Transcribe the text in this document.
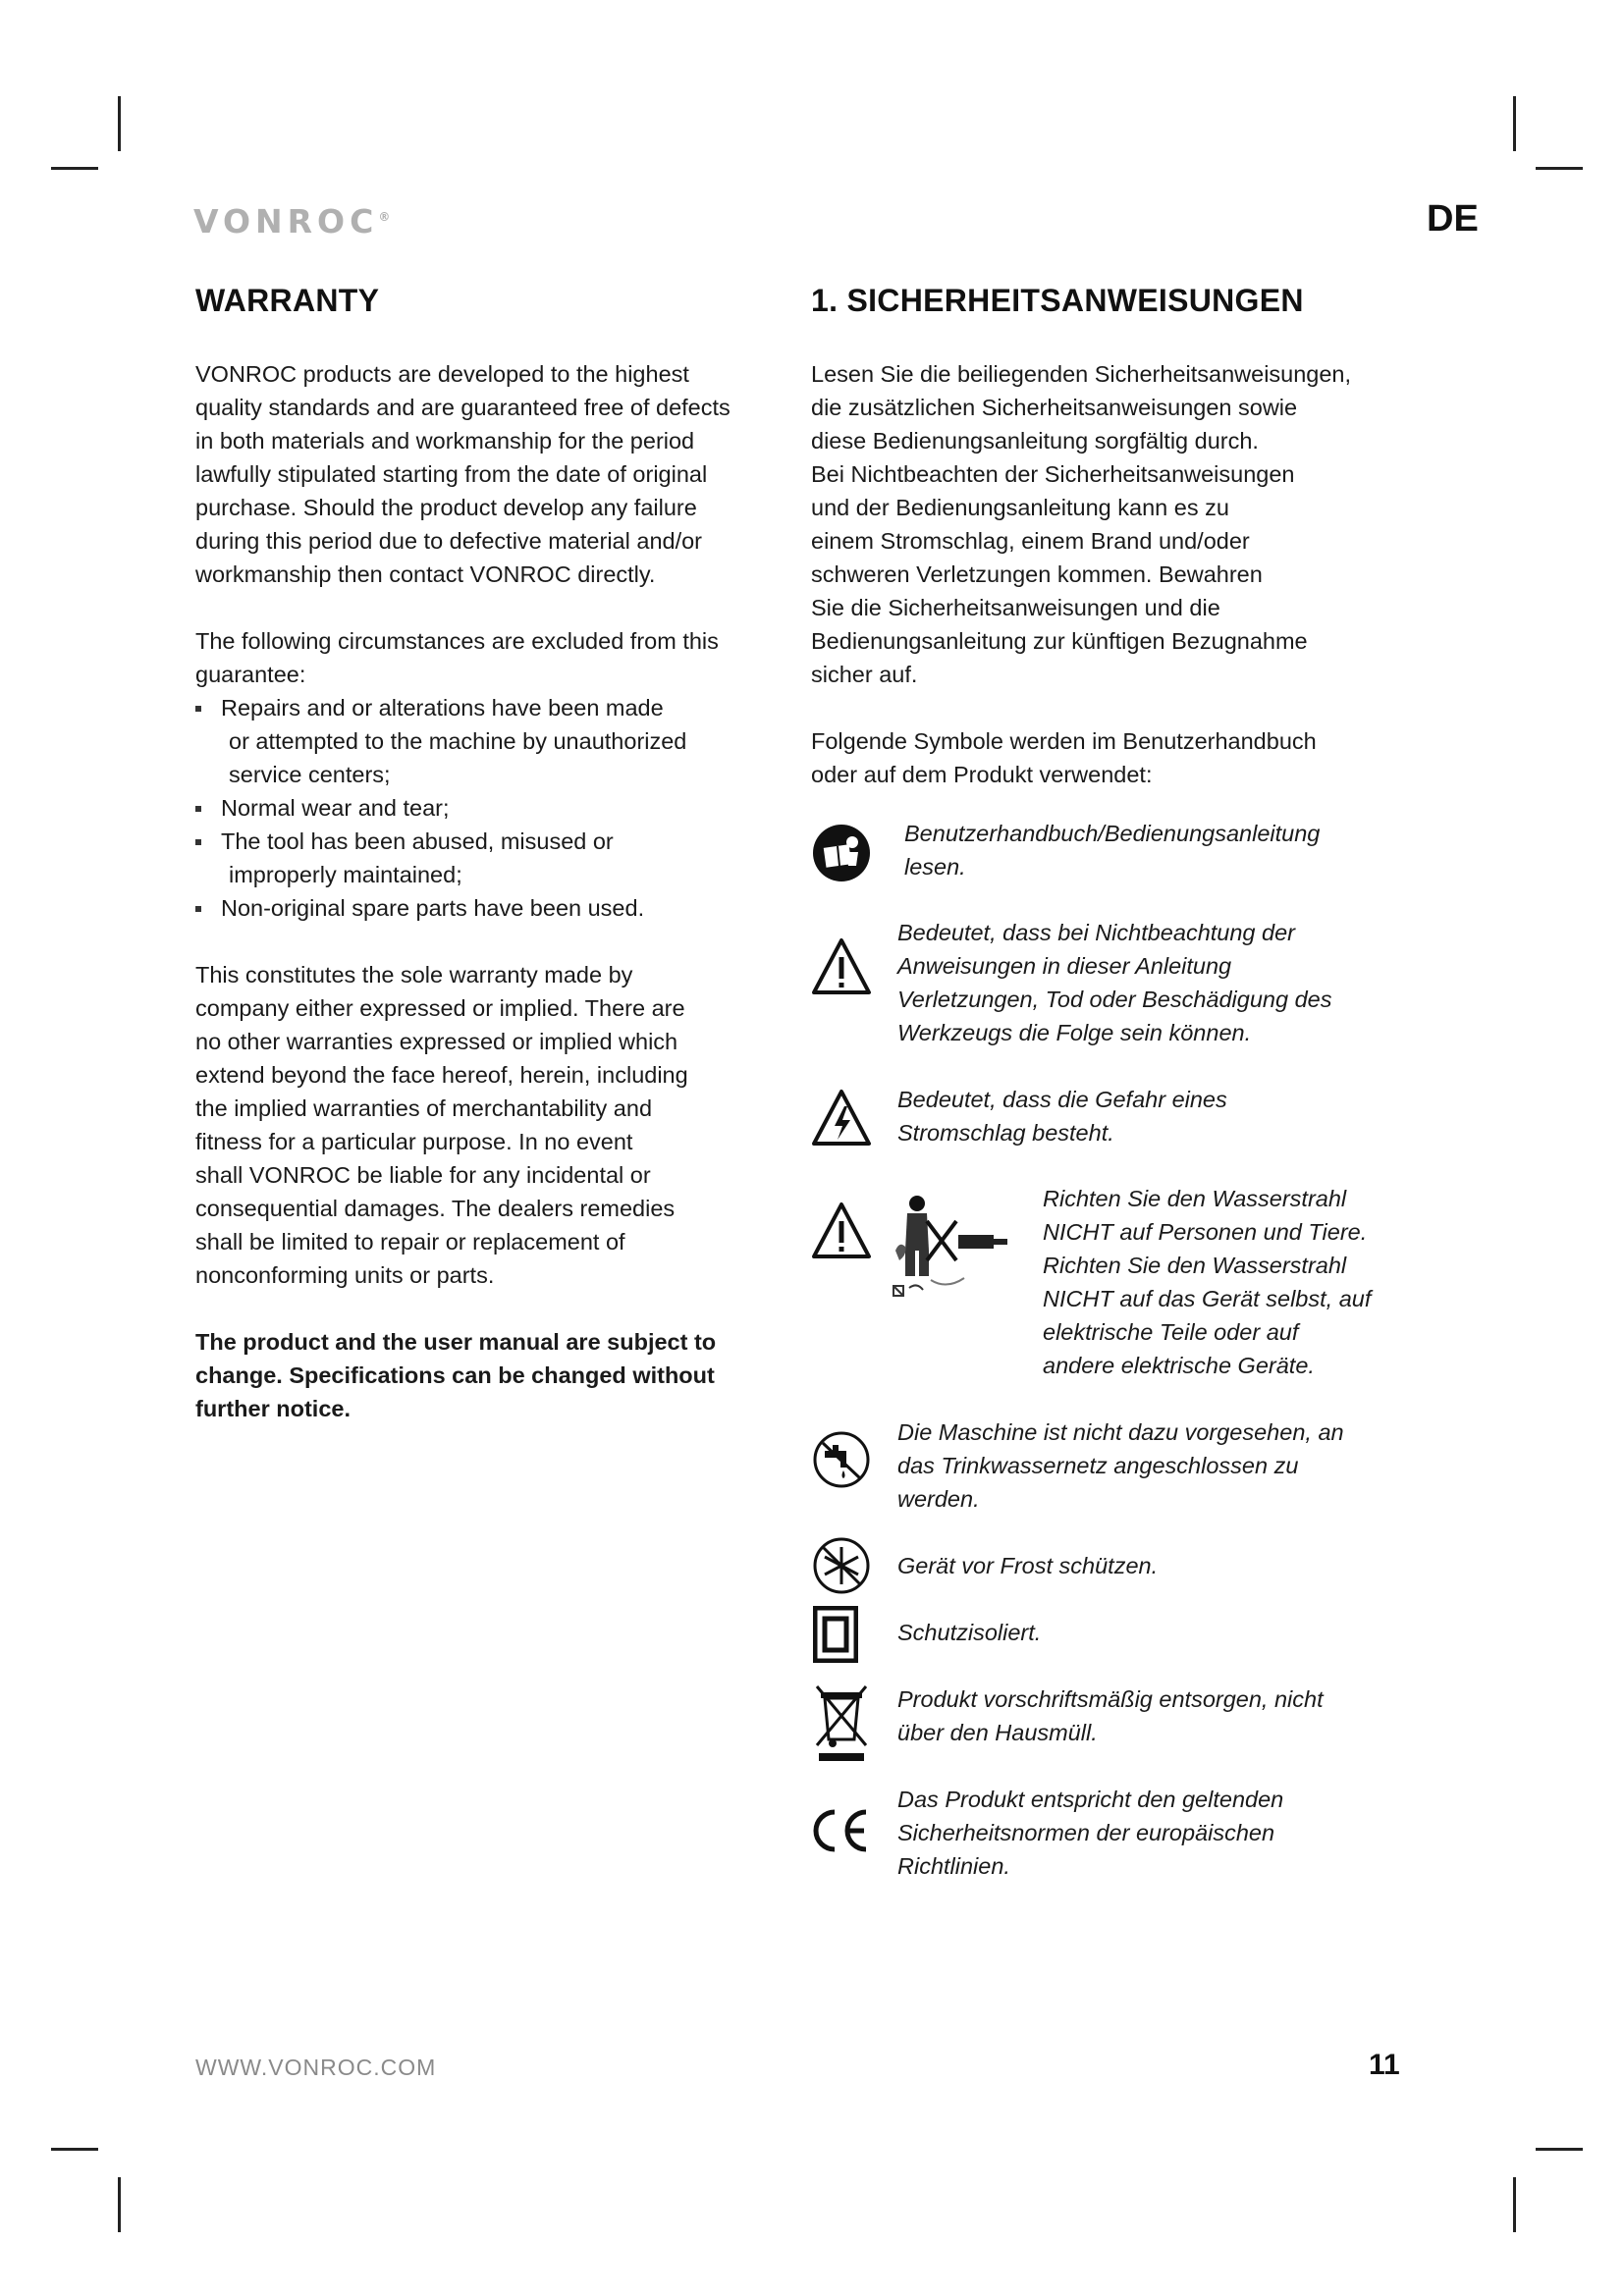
VONROC®	DE
WARRANTY

VONROC products are developed to the highest
quality standards and are guaranteed free of defects
in both materials and workmanship for the period
lawfully stipulated starting from the date of original
purchase. Should the product develop any failure
during this period due to defective material and/or
workmanship then contact VONROC directly.

The following circumstances are excluded from this
guarantee:

Repairs and or alterations have been made
or attempted to the machine by unauthorized
service centers;
Normal wear and tear;
The tool has been abused, misused or
improperly maintained;
Non-original spare parts have been used.

This constitutes the sole warranty made by
company either expressed or implied. There are
no other warranties expressed or implied which
extend beyond the face hereof, herein, including
the implied warranties of merchantability and
fitness for a particular purpose. In no event
shall VONROC be liable for any incidental or
consequential damages. The dealers remedies
shall be limited to repair or replacement of
nonconforming units or parts.

The product and the user manual are subject to
change. Specifications can be changed without
further notice.

1. SICHERHEITSANWEISUNGEN

Lesen Sie die beiliegenden Sicherheitsanweisungen,
die zusätzlichen Sicherheitsanweisungen sowie
diese Bedienungsanleitung sorgfältig durch.
Bei Nichtbeachten der Sicherheitsanweisungen
und der Bedienungsanleitung kann es zu
einem Stromschlag, einem Brand und/oder
schweren Verletzungen kommen. Bewahren
Sie die Sicherheitsanweisungen und die
Bedienungsanleitung zur künftigen Bezugnahme
sicher auf.

Folgende Symbole werden im Benutzerhandbuch
oder auf dem Produkt verwendet:

Benutzerhandbuch/Bedienungsanleitung
lesen.
Bedeutet, dass bei Nichtbeachtung der
Anweisungen in dieser Anleitung
Verletzungen, Tod oder Beschädigung des
Werkzeugs die Folge sein können.
Bedeutet, dass die Gefahr eines
Stromschlag besteht.
Richten Sie den Wasserstrahl
NICHT auf Personen und Tiere.
Richten Sie den Wasserstrahl
NICHT auf das Gerät selbst, auf
elektrische Teile oder auf
andere elektrische Geräte.
Die Maschine ist nicht dazu vorgesehen, an
das Trinkwassernetz angeschlossen zu
werden.
Gerät vor Frost schützen.
Schutzisoliert.
Produkt vorschriftsmäßig entsorgen, nicht
über den Hausmüll.
Das Produkt entspricht den geltenden
Sicherheitsnormen der europäischen
Richtlinien.
WWW.VONROC.COM	11
